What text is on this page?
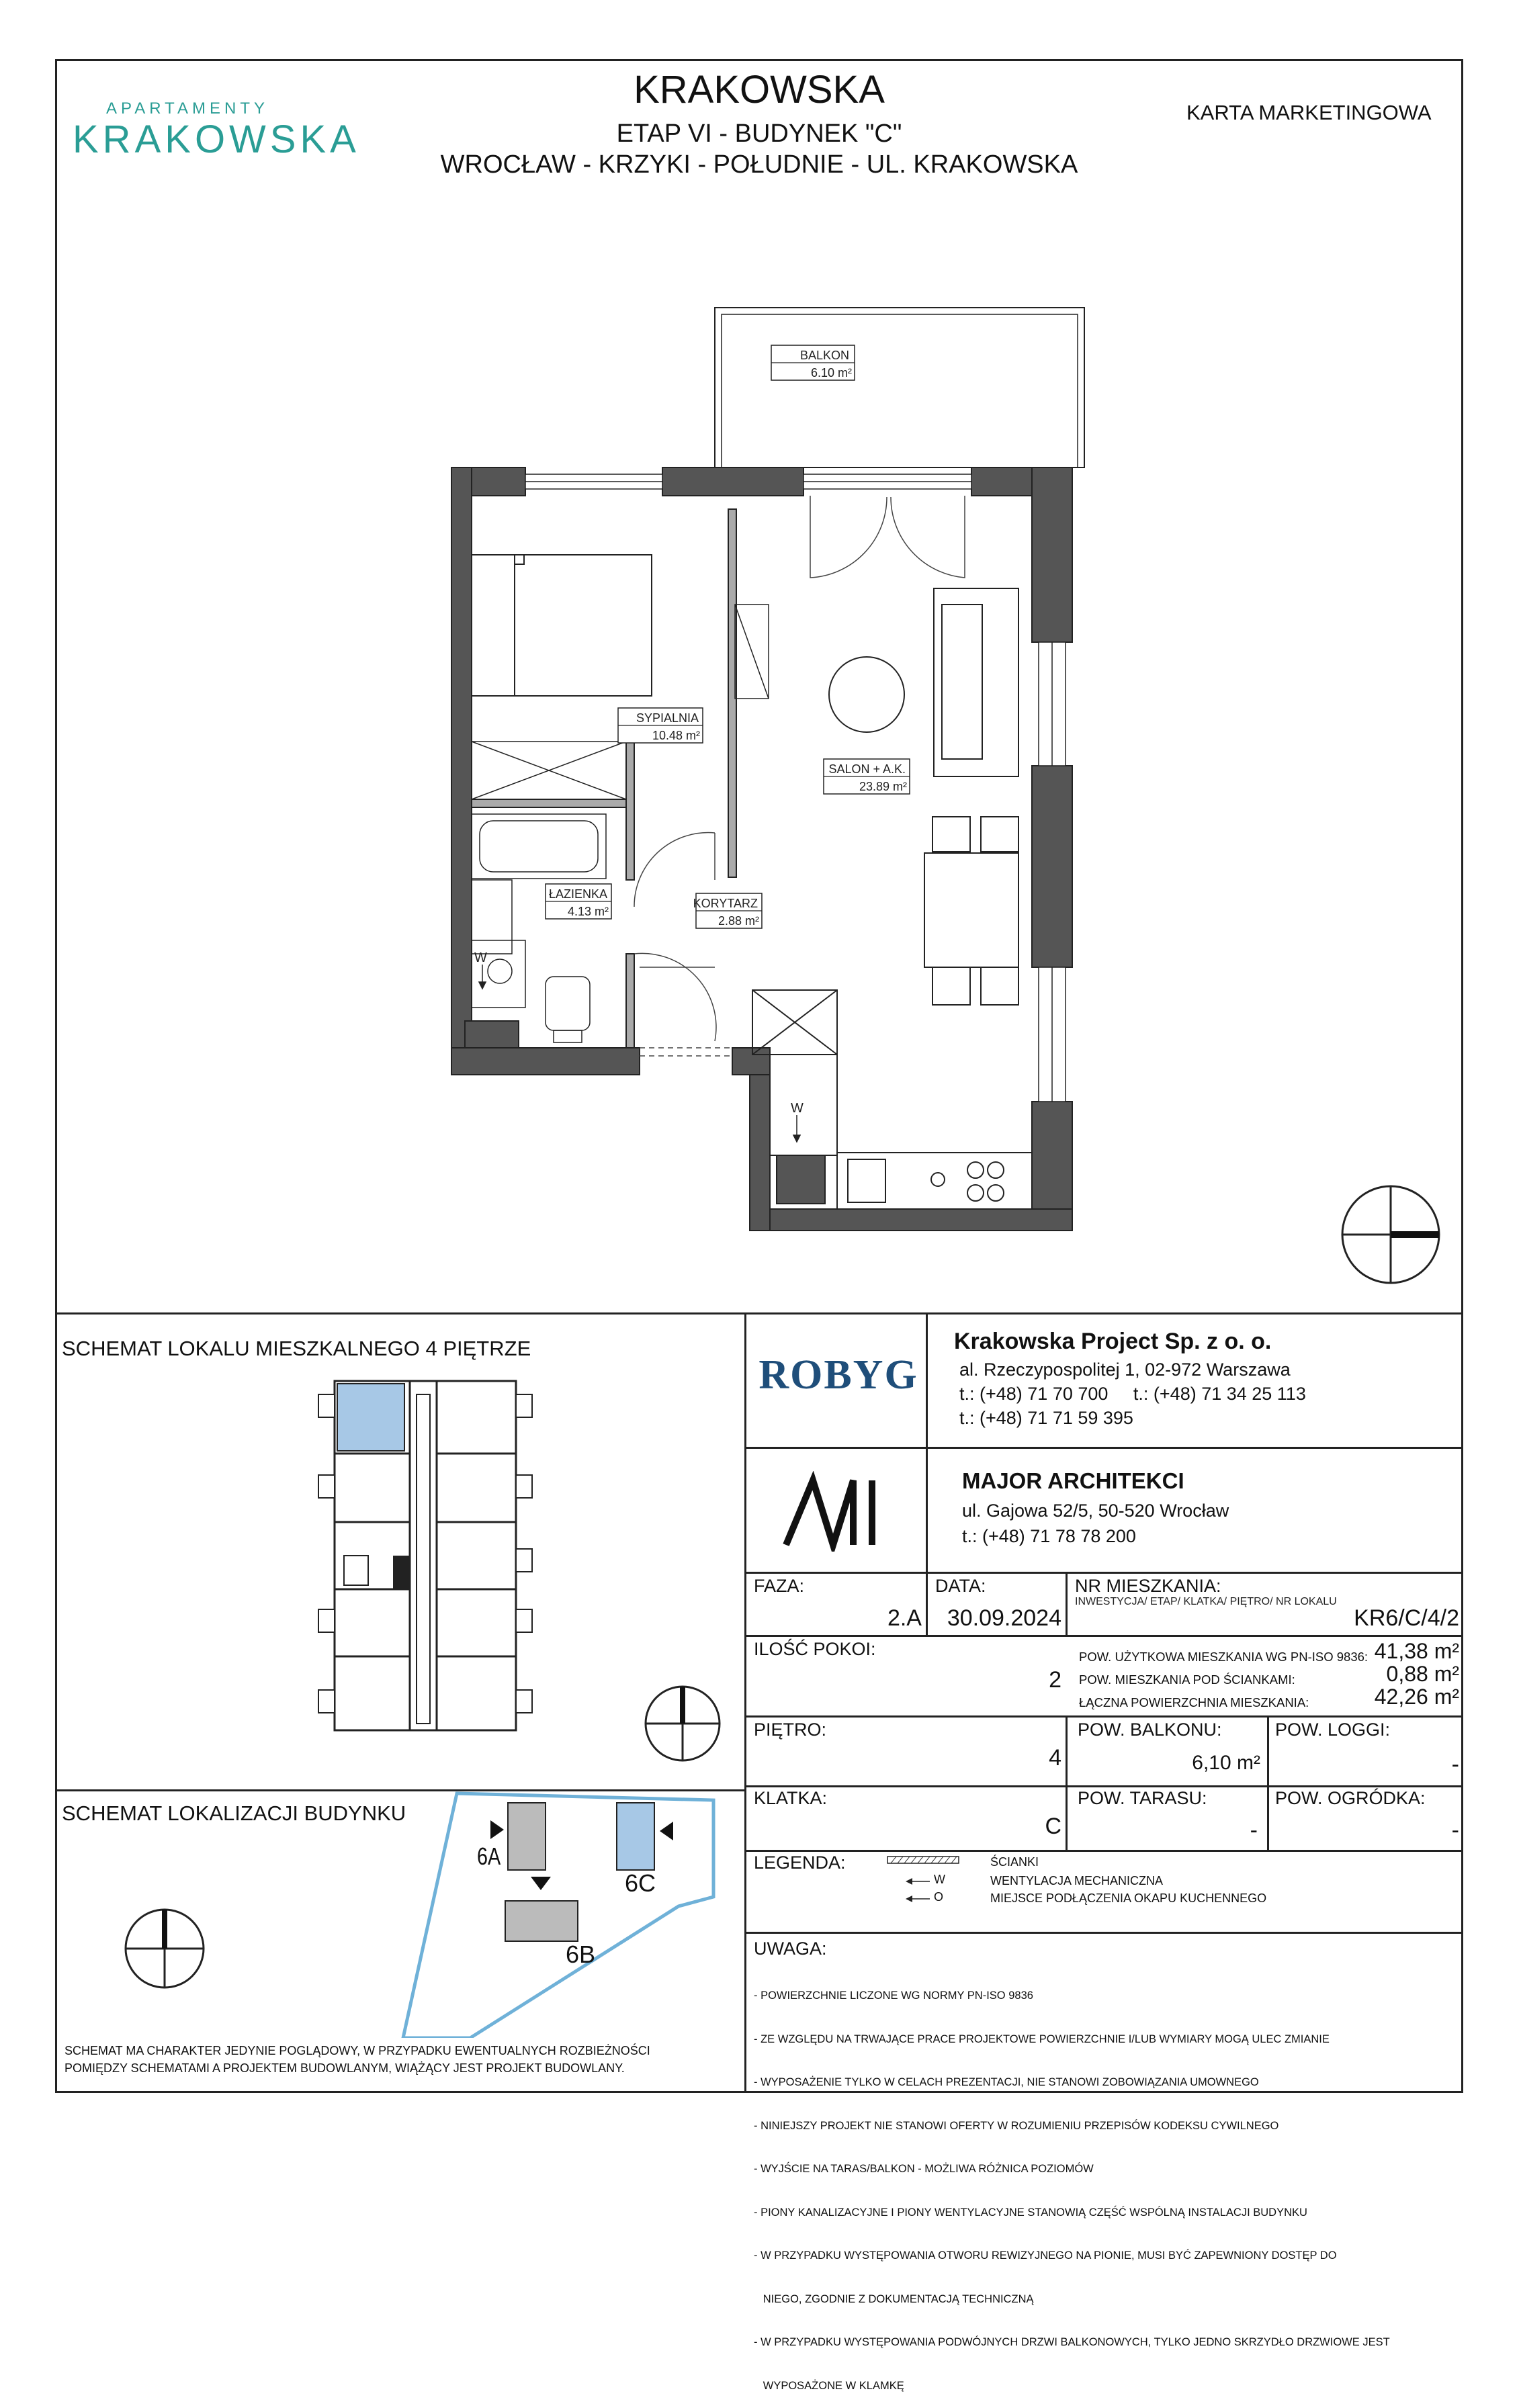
APARTAMENTY
KRAKOWSKA
KRAKOWSKA
ETAP VI - BUDYNEK "C"
WROCŁAW - KRZYKI - POŁUDNIE - UL. KRAKOWSKA
KARTA MARKETINGOWA
W
W
BALKON
6.10 m²
SYPIALNIA
10.48 m²
SALON + A.K.
23.89 m²
ŁAZIENKA
4.13 m²
KORYTARZ
2.88 m²
SCHEMAT LOKALU MIESZKALNEGO 4 PIĘTRZE
SCHEMAT LOKALIZACJI BUDYNKU
6A
6B
6C
SCHEMAT MA CHARAKTER JEDYNIE POGLĄDOWY, W PRZYPADKU EWENTUALNYCH ROZBIEŻNOŚCI POMIĘDZY SCHEMATAMI A PROJEKTEM BUDOWLANYM, WIĄŻĄCY JEST PROJEKT BUDOWLANY.
ROBYG
Krakowska Project Sp. z o. o.
al. Rzeczypospolitej 1, 02-972 Warszawa
t.: (+48) 71 70 700     t.: (+48) 71 34 25 113
t.: (+48) 71 71 59 395
MAJOR ARCHITEKCI
ul. Gajowa 52/5, 50-520 Wrocław
t.: (+48) 71 78 78 200
FAZA:
2.A
DATA:
30.09.2024
NR MIESZKANIA:
INWESTYCJA/ ETAP/ KLATKA/ PIĘTRO/ NR LOKALU
KR6/C/4/2
ILOŚĆ POKOI:
2
POW. UŻYTKOWA MIESZKANIA WG PN-ISO 9836: 41,38 m²
POW. MIESZKANIA POD ŚCIANKAMI:	0,88 m²
ŁĄCZNA POWIERZCHNIA MIESZKANIA:	42,26 m²
PIĘTRO:
4
POW. BALKONU:
6,10 m²
POW. LOGGI:
-
KLATKA:
C
POW. TARASU:
-
POW. OGRÓDKA:
-
LEGENDA:
W
O
ŚCIANKI
WENTYLACJA MECHANICZNA
MIEJSCE PODŁĄCZENIA OKAPU KUCHENNEGO
UWAGA:

- POWIERZCHNIE LICZONE WG NORMY PN-ISO 9836

- ZE WZGLĘDU NA TRWAJĄCE PRACE PROJEKTOWE POWIERZCHNIE I/LUB WYMIARY MOGĄ ULEC ZMIANIE

- WYPOSAŻENIE TYLKO W CELACH PREZENTACJI, NIE STANOWI ZOBOWIĄZANIA UMOWNEGO

- NINIEJSZY PROJEKT NIE STANOWI OFERTY W ROZUMIENIU PRZEPISÓW KODEKSU CYWILNEGO

- WYJŚCIE NA TARAS/BALKON - MOŻLIWA RÓŻNICA POZIOMÓW

- PIONY KANALIZACYJNE I PIONY WENTYLACYJNE STANOWIĄ CZĘŚĆ WSPÓLNĄ INSTALACJI BUDYNKU

- W PRZYPADKU WYSTĘPOWANIA OTWORU REWIZYJNEGO NA PIONIE, MUSI BYĆ ZAPEWNIONY DOSTĘP DO

NIEGO, ZGODNIE Z DOKUMENTACJĄ TECHNICZNĄ

- W PRZYPADKU WYSTĘPOWANIA PODWÓJNYCH DRZWI BALKONOWYCH, TYLKO JEDNO SKRZYDŁO DRZWIOWE JEST

WYPOSAŻONE W KLAMKĘ
